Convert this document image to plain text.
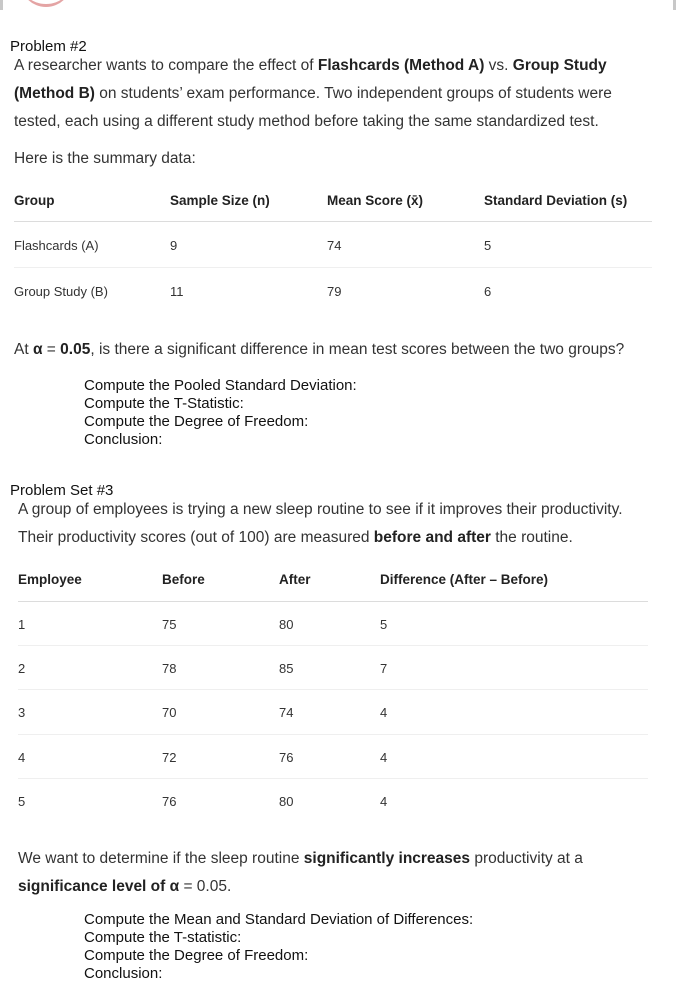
Problem #2
A researcher wants to compare the effect of Flashcards (Method A) vs. Group Study
(Method B) on students’ exam performance. Two independent groups of students were
tested, each using a different study method before taking the same standardized test.
Here is the summary data:
Group	Sample Size (n)	Mean Score (x̄)	Standard Deviation (s)
Flashcards (A)	9	74	5
Group Study (B)	11	79	6
At α = 0.05, is there a significant difference in mean test scores between the two groups?
Compute the Pooled Standard Deviation:
Compute the T-Statistic:
Compute the Degree of Freedom:
Conclusion:
Problem Set #3
A group of employees is trying a new sleep routine to see if it improves their productivity.
Their productivity scores (out of 100) are measured before and after the routine.
Employee	Before	After	Difference (After – Before)
1	75	80	5
2	78	85	7
3	70	74	4
4	72	76	4
5	76	80	4
We want to determine if the sleep routine significantly increases productivity at a
significance level of α = 0.05.
Compute the Mean and Standard Deviation of Differences:
Compute the T-statistic:
Compute the Degree of Freedom:
Conclusion:
